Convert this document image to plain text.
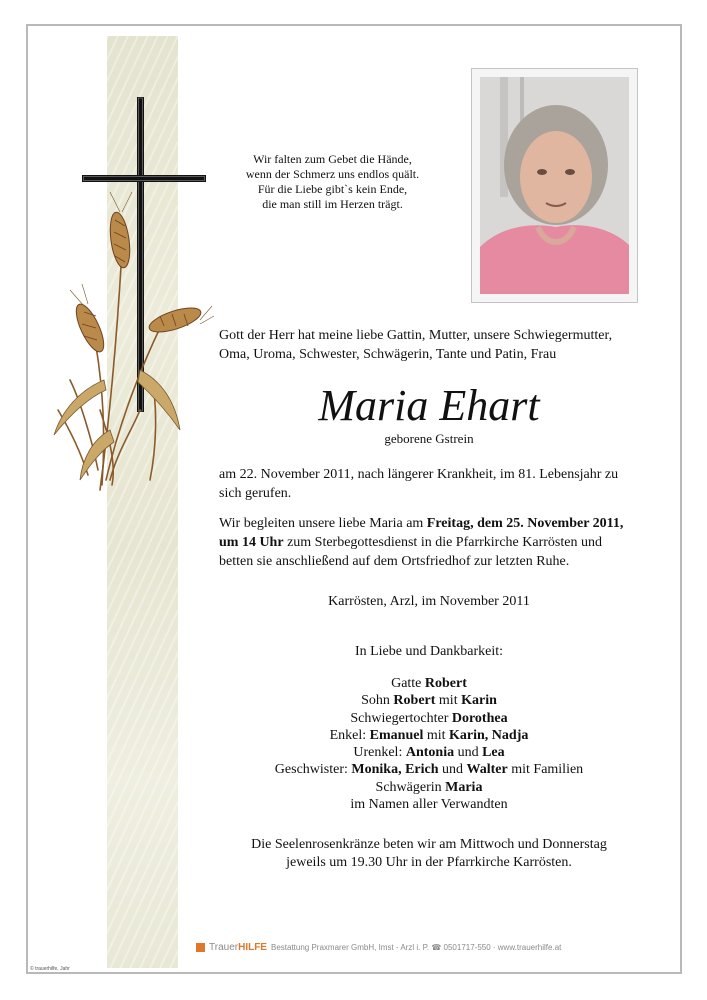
Wir falten zum Gebet die Hände,
wenn der Schmerz uns endlos quält.
Für die Liebe gibt`s kein Ende,
die man still im Herzen trägt.
Gott der Herr hat meine liebe Gattin, Mutter, unsere Schwiegermutter,
Oma, Uroma, Schwester, Schwägerin, Tante und Patin, Frau
Maria Ehart
geborene Gstrein
am 22. November 2011, nach längerer Krankheit, im 81. Lebensjahr zu
sich gerufen.
Wir begleiten unsere liebe Maria am Freitag, dem 25. November 2011,
um 14 Uhr zum Sterbegottesdienst in die Pfarrkirche Karrösten und
betten sie anschließend auf dem Ortsfriedhof zur letzten Ruhe.
Karrösten, Arzl, im November 2011
In Liebe und Dankbarkeit:
Gatte Robert
Sohn Robert mit Karin
Schwiegertochter Dorothea
Enkel: Emanuel mit Karin, Nadja
Urenkel: Antonia und Lea
Geschwister: Monika, Erich und Walter mit Familien
Schwägerin Maria
im Namen aller Verwandten
Die Seelenrosenkränze beten wir am Mittwoch und Donnerstag
jeweils um 19.30 Uhr in der Pfarrkirche Karrösten.
TrauerHILFE Bestattung Praxmarer GmbH, Imst - Arzl i. P. ☎ 0501717-550 · www.trauerhilfe.at
© trauerhilfe, Jahr
